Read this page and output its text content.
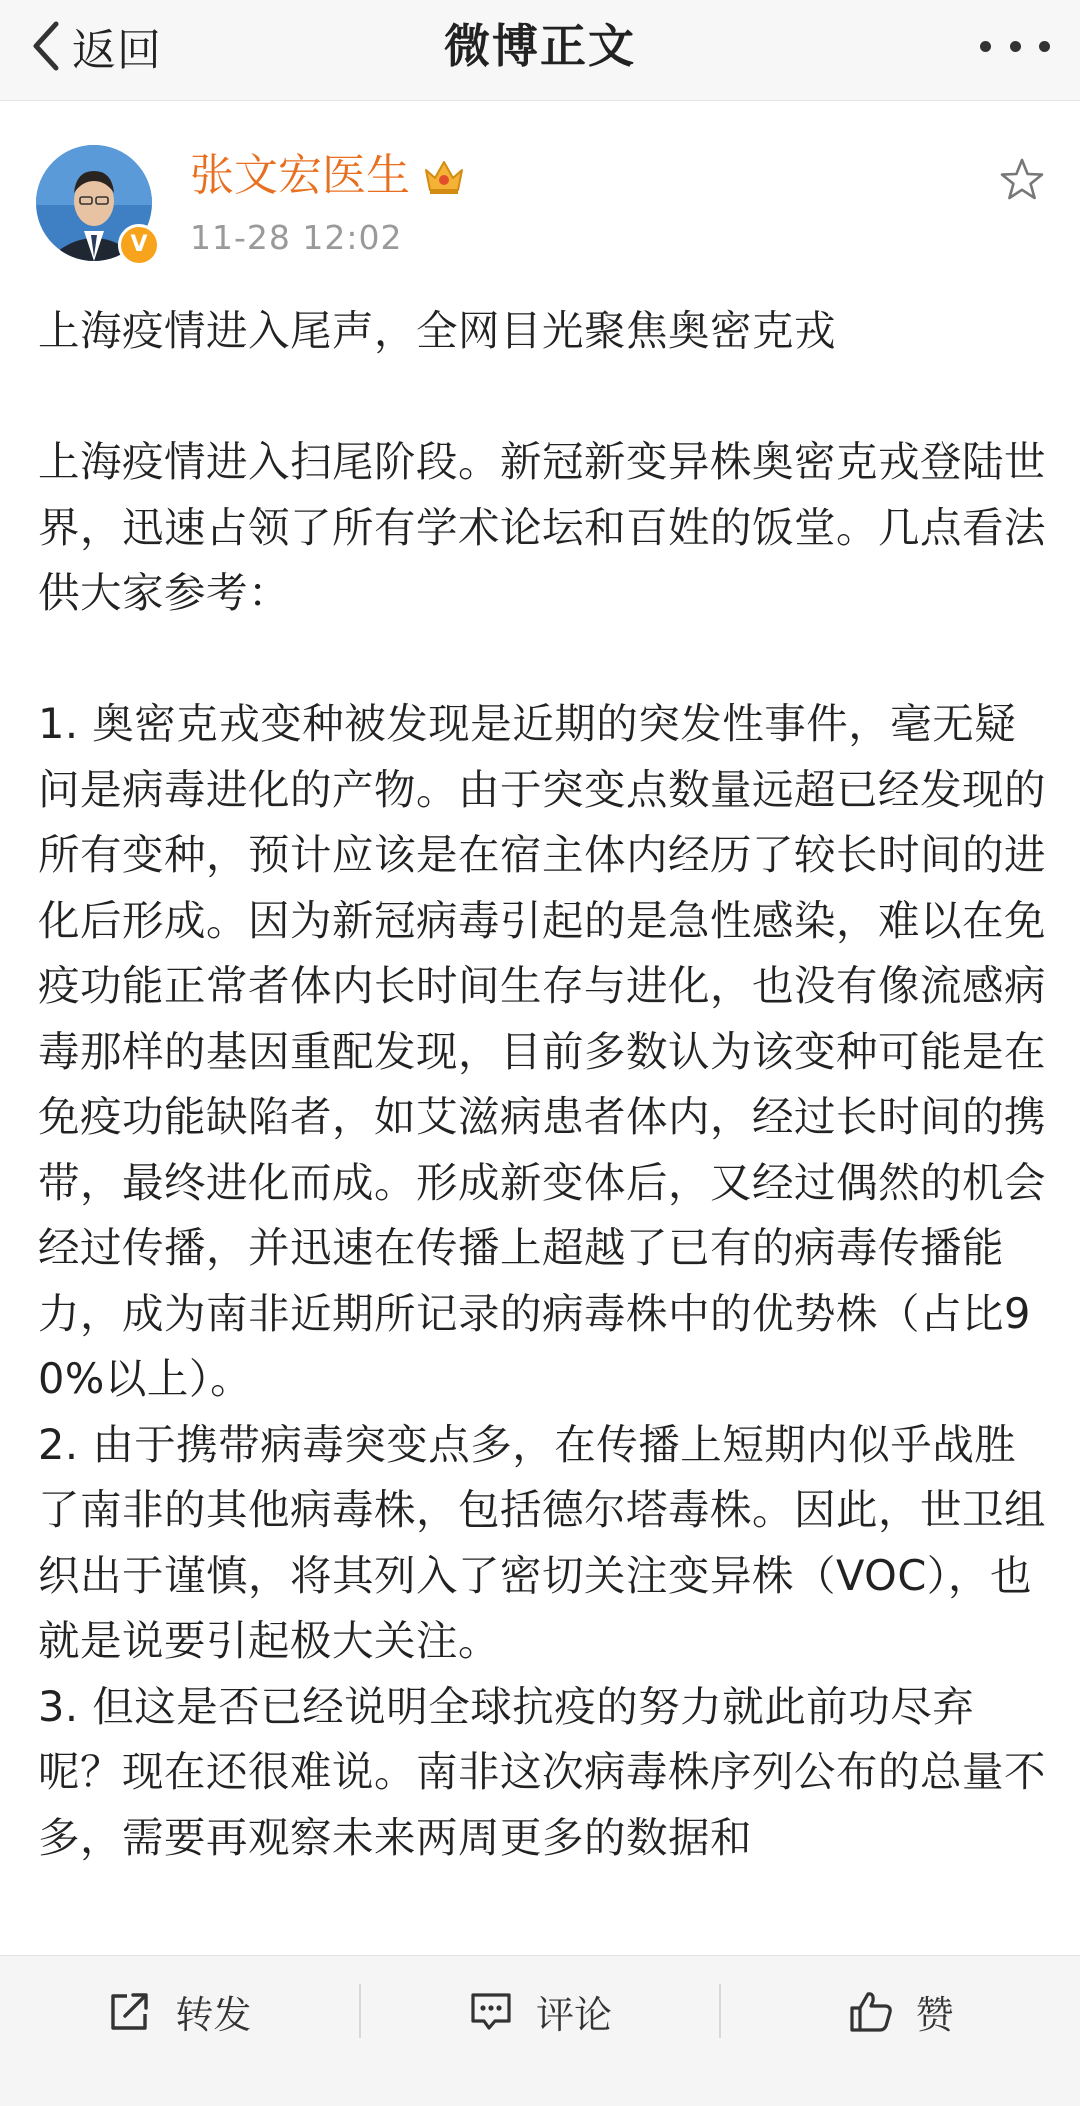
返回	微博正文
V
张文宏医生
11-28 12:02

上海疫情进入尾声，全网目光聚焦奥密克戎

上海疫情进入扫尾阶段。新冠新变异株奥密克戎登陆世界，迅速占领了所有学术论坛和百姓的饭堂。几点看法供大家参考：

1. 奥密克戎变种被发现是近期的突发性事件，毫无疑问是病毒进化的产物。由于突变点数量远超已经发现的所有变种，预计应该是在宿主体内经历了较长时间的进化后形成。因为新冠病毒引起的是急性感染，难以在免疫功能正常者体内长时间生存与进化，也没有像流感病毒那样的基因重配发现，目前多数认为该变种可能是在免疫功能缺陷者，如艾滋病患者体内，经过长时间的携带，最终进化而成。形成新变体后，又经过偶然的机会经过传播，并迅速在传播上超越了已有的病毒传播能力，成为南非近期所记录的病毒株中的优势株（占比90%以上）。

2. 由于携带病毒突变点多，在传播上短期内似乎战胜了南非的其他病毒株，包括德尔塔毒株。因此，世卫组织出于谨慎，将其列入了密切关注变异株（VOC），也就是说要引起极大关注。

3. 但这是否已经说明全球抗疫的努力就此前功尽弃呢？现在还很难说。南非这次病毒株序列公布的总量不多，需要再观察未来两周更多的数据和

转发	评论	赞
